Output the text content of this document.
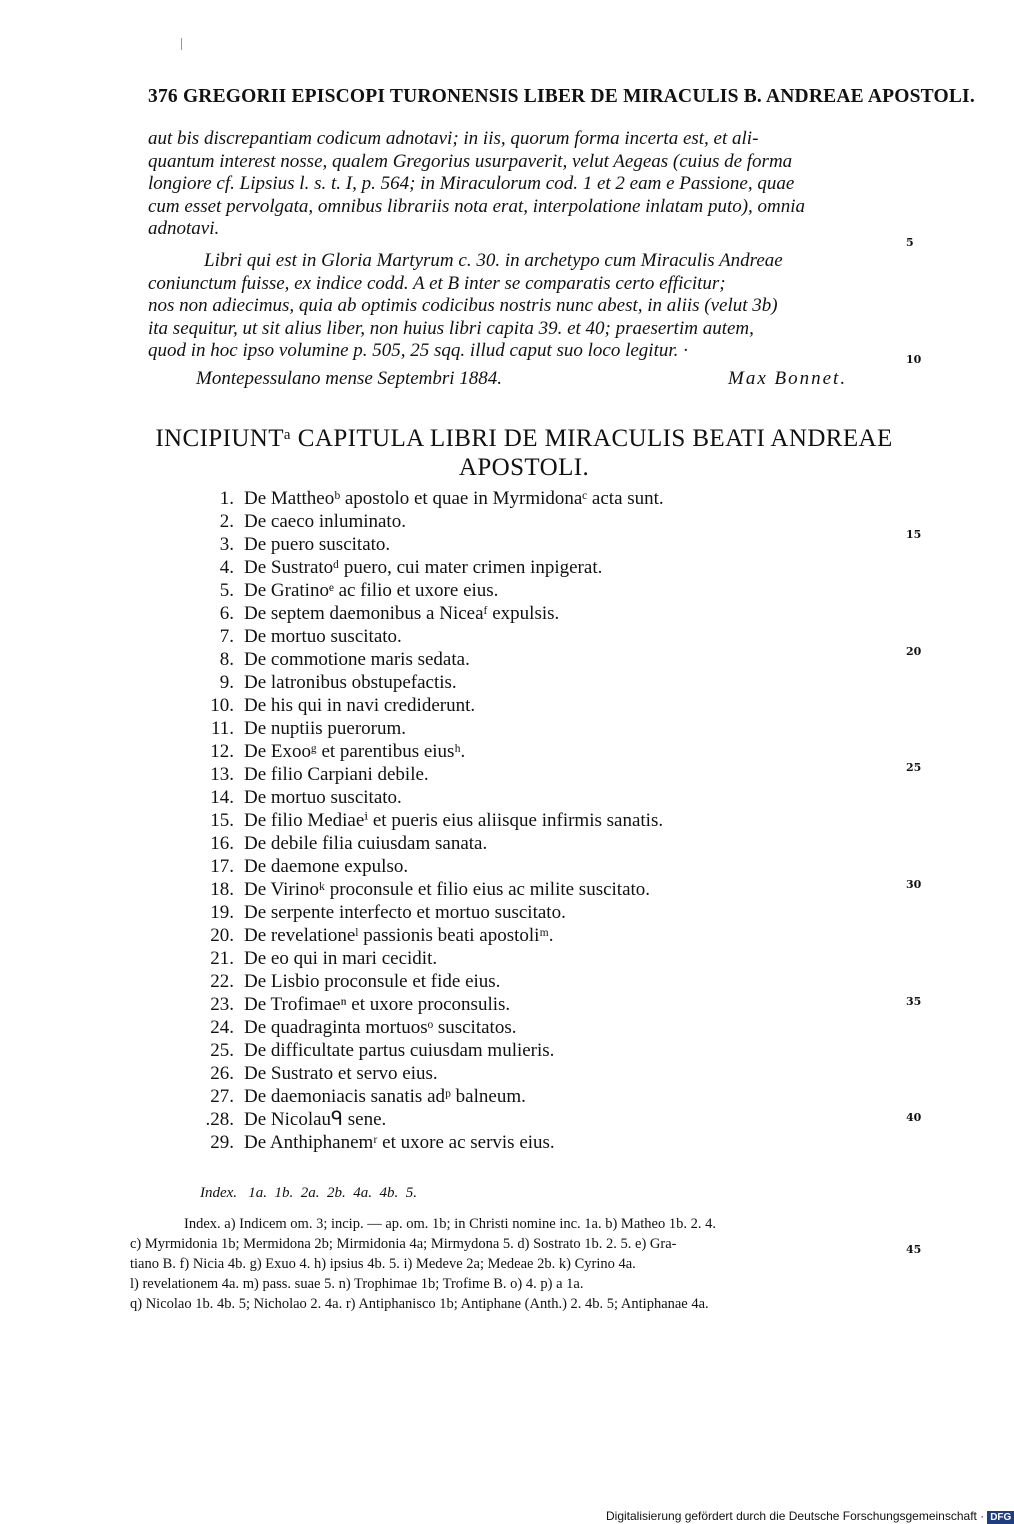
376 GREGORII EPISCOPI TURONENSIS LIBER DE MIRACULIS B. ANDREAE APOSTOLI.
aut bis discrepantiam codicum adnotavi; in iis, quorum forma incerta est, et ali-
quantum interest nosse, qualem Gregorius usurpaverit, velut Aegeas (cuius de forma
longiore cf. Lipsius l. s. t. I, p. 564; in Miraculorum cod. 1 et 2 eam e Passione, quae
cum esset pervolgata, omnibus librariis nota erat, interpolatione inlatam puto), omnia
adnotavi.
Libri qui est in Gloria Martyrum c. 30. in archetypo cum Miraculis Andreae
coniunctum fuisse, ex indice codd. A et B inter se comparatis certo efficitur;
nos non adiecimus, quia ab optimis codicibus nostris nunc abest, in aliis (velut 3b)
ita sequitur, ut sit alius liber, non huius libri capita 39. et 40; praesertim autem,
quod in hoc ipso volumine p. 505, 25 sqq. illud caput suo loco legitur. ·
Montepessulano mense Septembri 1884.	Max Bonnet.
INCIPIUNTᵃ CAPITULA LIBRI DE MIRACULIS BEATI ANDREAE
APOSTOLI.
1. De Mattheoᵇ apostolo et quae in Myrmidonaᶜ acta sunt.
2. De caeco inluminato.
3. De puero suscitato.
4. De Sustratoᵈ puero, cui mater crimen inpigerat.
5. De Gratinoᵉ ac filio et uxore eius.
6. De septem daemonibus a Niceaᶠ expulsis.
7. De mortuo suscitato.
8. De commotione maris sedata.
9. De latronibus obstupefactis.
10. De his qui in navi crediderunt.
11. De nuptiis puerorum.
12. De Exooᵍ et parentibus eiusʰ.
13. De filio Carpiani debile.
14. De mortuo suscitato.
15. De filio Mediaeⁱ et pueris eius aliisque infirmis sanatis.
16. De debile filia cuiusdam sanata.
17. De daemone expulso.
18. De Virinoᵏ proconsule et filio eius ac milite suscitato.
19. De serpente interfecto et mortuo suscitato.
20. De revelationeˡ passionis beati apostoliᵐ.
21. De eo qui in mari cecidit.
22. De Lisbio proconsule et fide eius.
23. De Trofimaeⁿ et uxore proconsulis.
24. De quadraginta mortuosᵒ suscitatos.
25. De difficultate partus cuiusdam mulieris.
26. De Sustrato et servo eius.
27. De daemoniacis sanatis adᵖ balneum.
.28. De Nicolauᑫ sene.
29. De Anthiphanemʳ et uxore ac servis eius.
Index.   1a.  1b.  2a.  2b.  4a.  4b.  5.
Index. a) Indicem om. 3; incip. — ap. om. 1b; in Christi nomine inc. 1a. b) Matheo 1b. 2. 4.
c) Myrmidonia 1b; Mermidona 2b; Mirmidonia 4a; Mirmydona 5. d) Sostrato 1b. 2. 5. e) Gra-
tiano B. f) Nicia 4b. g) Exuo 4. h) ipsius 4b. 5. i) Medeve 2a; Medeae 2b. k) Cyrino 4a.
l) revelationem 4a. m) pass. suae 5. n) Trophimae 1b; Trofime B. o) 4. p) a 1a.
q) Nicolao 1b. 4b. 5; Nicholao 2. 4a. r) Antiphanisco 1b; Antiphane (Anth.) 2. 4b. 5; Antiphanae 4a.
5
10
15
20
25
30
35
40
45
Digitalisierung gefördert durch die Deutsche Forschungsgemeinschaft · DFG
